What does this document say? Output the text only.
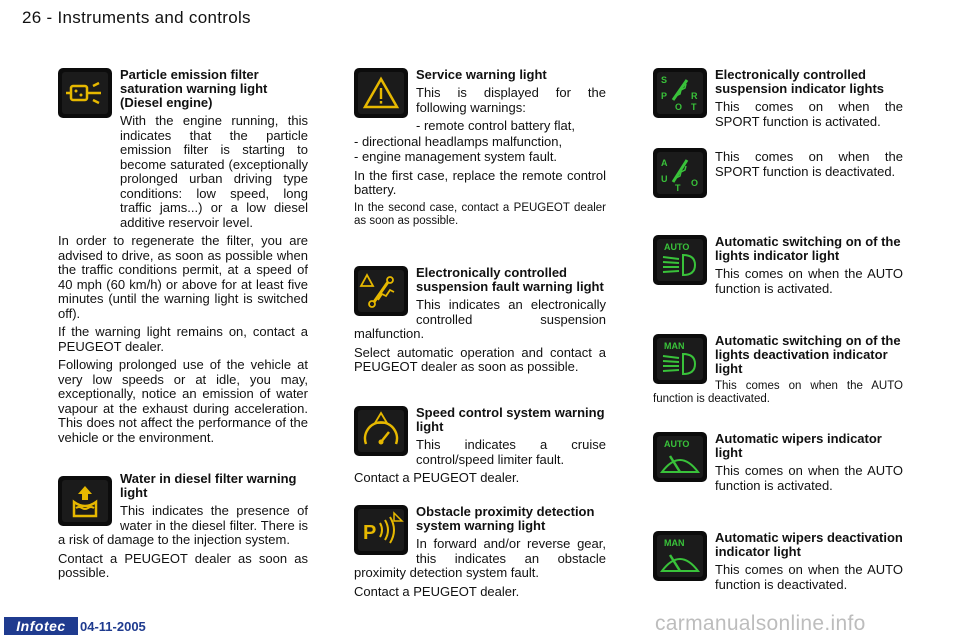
26 - Instruments and controls
Particle emission filter saturation warning light (Diesel engine)

With the engine running, this indicates that the particle emission filter is starting to become saturated (exceptionally prolonged urban driving type conditions: low speed, long traffic jams...) or a low diesel additive reservoir level.

In order to regenerate the filter, you are advised to drive, as soon as possible when the traffic conditions permit, at a speed of 40 mph (60 km/h) or above for at least five minutes (until the warning light is switched off).

If the warning light remains on, contact a PEUGEOT dealer.

Following prolonged use of the vehicle at very low speeds or at idle, you may, exceptionally, notice an emission of water vapour at the exhaust during acceleration. This does not affect the performance of the vehicle or the environment.

Water in diesel filter warning light

This indicates the presence of water in the diesel filter. There is a risk of damage to the injection system.

Contact a PEUGEOT dealer as soon as possible.

Service warning light

This is displayed for the following warnings:

- remote control battery flat,

- directional headlamps malfunction,

- engine management system fault.

In the first case, replace the remote control battery.

In the second case, contact a PEUGEOT dealer as soon as possible.

Electronically controlled suspension fault warning light

This indicates an electronically controlled suspension malfunction.

Select automatic operation and contact a PEUGEOT dealer as soon as possible.

Speed control system warning light

This indicates a cruise control/speed limiter fault.

Contact a PEUGEOT dealer.

P
Obstacle proximity detection system warning light

In forward and/or reverse gear, this indicates an obstacle proximity detection system fault.

Contact a PEUGEOT dealer.

S
P
O
R
T
Electronically controlled suspension indicator lights

This comes on when the SPORT function is activated.

A
U
T O

This comes on when the SPORT function is deactivated.

AUTO	Automatic switching on of the lights indicator light

This comes on when the AUTO function is activated.

MAN	Automatic switching on of the lights deactivation indicator light

This comes on when the AUTO function is deactivated.

AUTO	Automatic wipers indicator light

This comes on when the AUTO function is activated.

MAN	Automatic wipers deactivation indicator light

This comes on when the AUTO function is deactivated.

Infotec	04-11-2005	carmanualsonline.info
